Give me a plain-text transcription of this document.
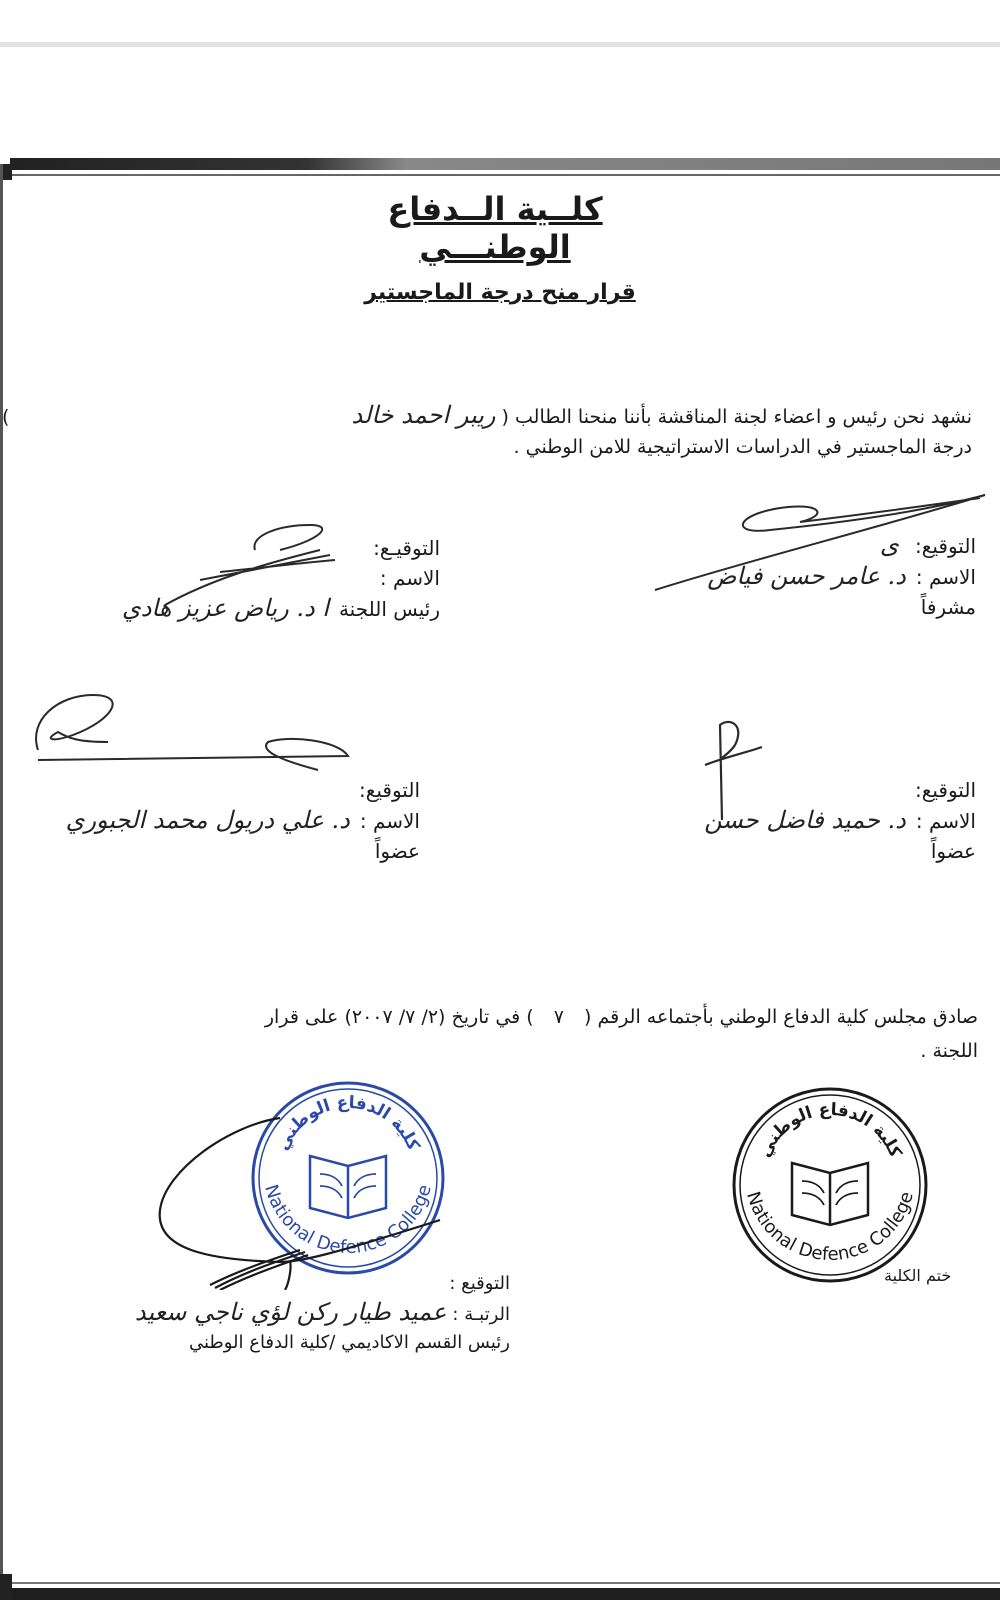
كلــية الــدفاع الوطنـــي
قرار منح درجة الماجستير
نشهد نحن رئيس و اعضاء لجنة المناقشة بأننا منحنا الطالب ( ريبر احمد خالد  )
درجة الماجستير في الدراسات الاستراتيجية للامن الوطني .
التوقيع: ى
الاسم :د. عامر حسن فياض
مشرفاً
التوقيـع:
الاسم :
رئيس اللجنةا د. رياض عزيز هادي
التوقيع:
الاسم :د. علي دريول محمد الجبوري
عضواً
التوقيع:
الاسم :د. حميد فاضل حسن
عضواً
صادق مجلس كلية الدفاع الوطني بأجتماعه الرقم ( ٧ ) في تاريخ (٢/ ٧/ ٢٠٠٧) على قرار
اللجنة .
كلية الدفاع الوطني
National Defence College
كلية الدفاع الوطني
National Defence College
ختم الكلية
التوقيع :
الرتبـة :عميد طيار ركن لؤي ناجي سعيد
رئيس القسم الاكاديمي /كلية الدفاع الوطني
